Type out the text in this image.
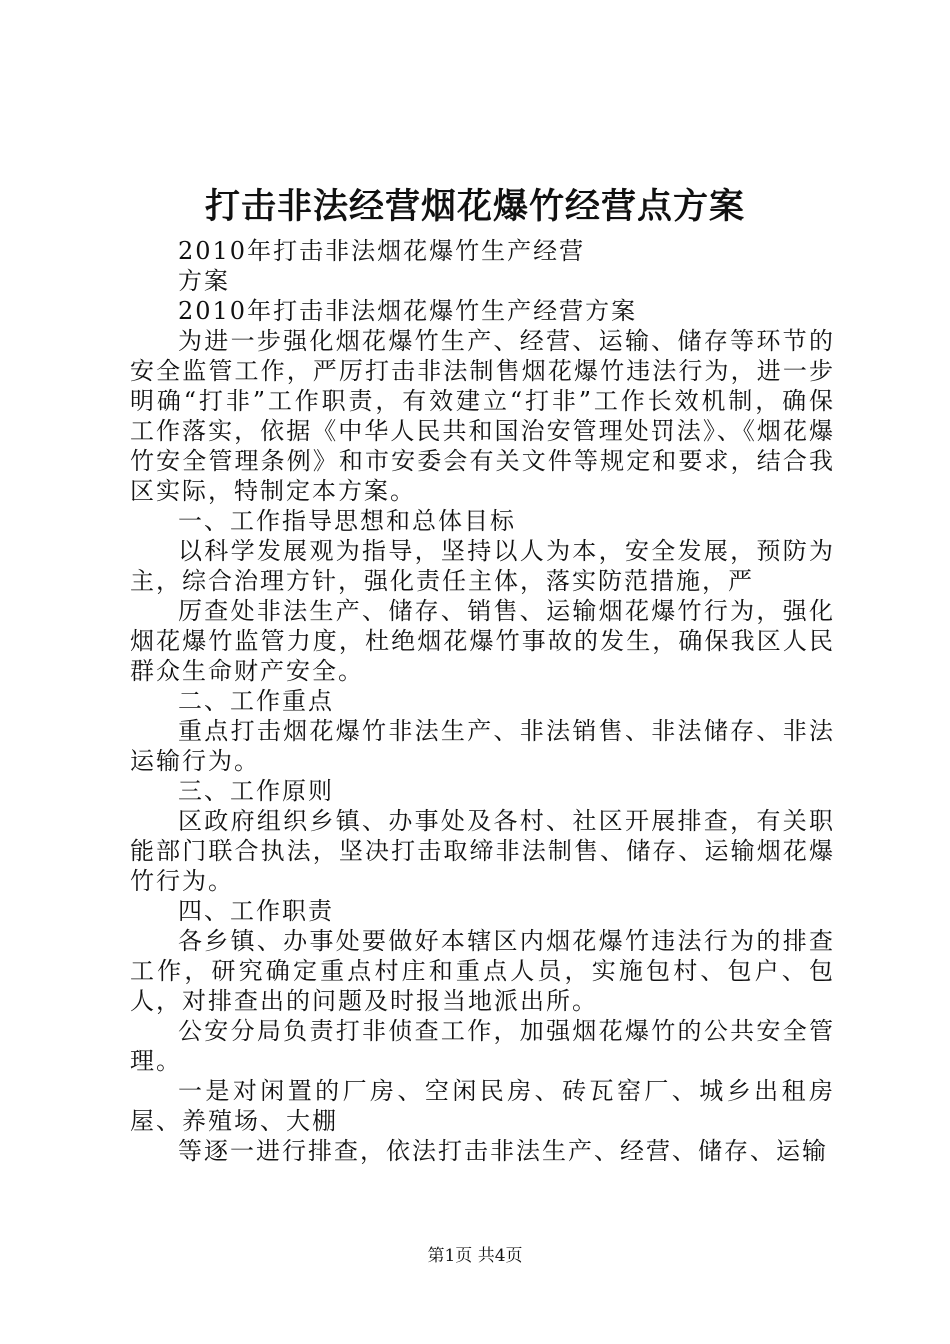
打击非法经营烟花爆竹经营点方案

2010年打击非法烟花爆竹生产经营

方案

2010年打击非法烟花爆竹生产经营方案

为进一步强化烟花爆竹生产、经营、运输、储存等环节的安全监管工作，严厉打击非法制售烟花爆竹违法行为，进一步明确“打非”工作职责，有效建立“打非”工作长效机制，确保工作落实，依据《中华人民共和国治安管理处罚法》、《烟花爆竹安全管理条例》和市安委会有关文件等规定和要求，结合我区实际，特制定本方案。

一、工作指导思想和总体目标

以科学发展观为指导，坚持以人为本，安全发展，预防为主，综合治理方针，强化责任主体，落实防范措施，严

厉查处非法生产、储存、销售、运输烟花爆竹行为，强化烟花爆竹监管力度，杜绝烟花爆竹事故的发生，确保我区人民群众生命财产安全。

二、工作重点

重点打击烟花爆竹非法生产、非法销售、非法储存、非法运输行为。

三、工作原则

区政府组织乡镇、办事处及各村、社区开展排查，有关职能部门联合执法，坚决打击取缔非法制售、储存、运输烟花爆竹行为。

四、工作职责

各乡镇、办事处要做好本辖区内烟花爆竹违法行为的排查工作，研究确定重点村庄和重点人员，实施包村、包户、包人，对排查出的问题及时报当地派出所。

公安分局负责打非侦查工作，加强烟花爆竹的公共安全管理。

一是对闲置的厂房、空闲民房、砖瓦窑厂、城乡出租房屋、养殖场、大棚

等逐一进行排查，依法打击非法生产、经营、储存、运输

第1页 共4页
